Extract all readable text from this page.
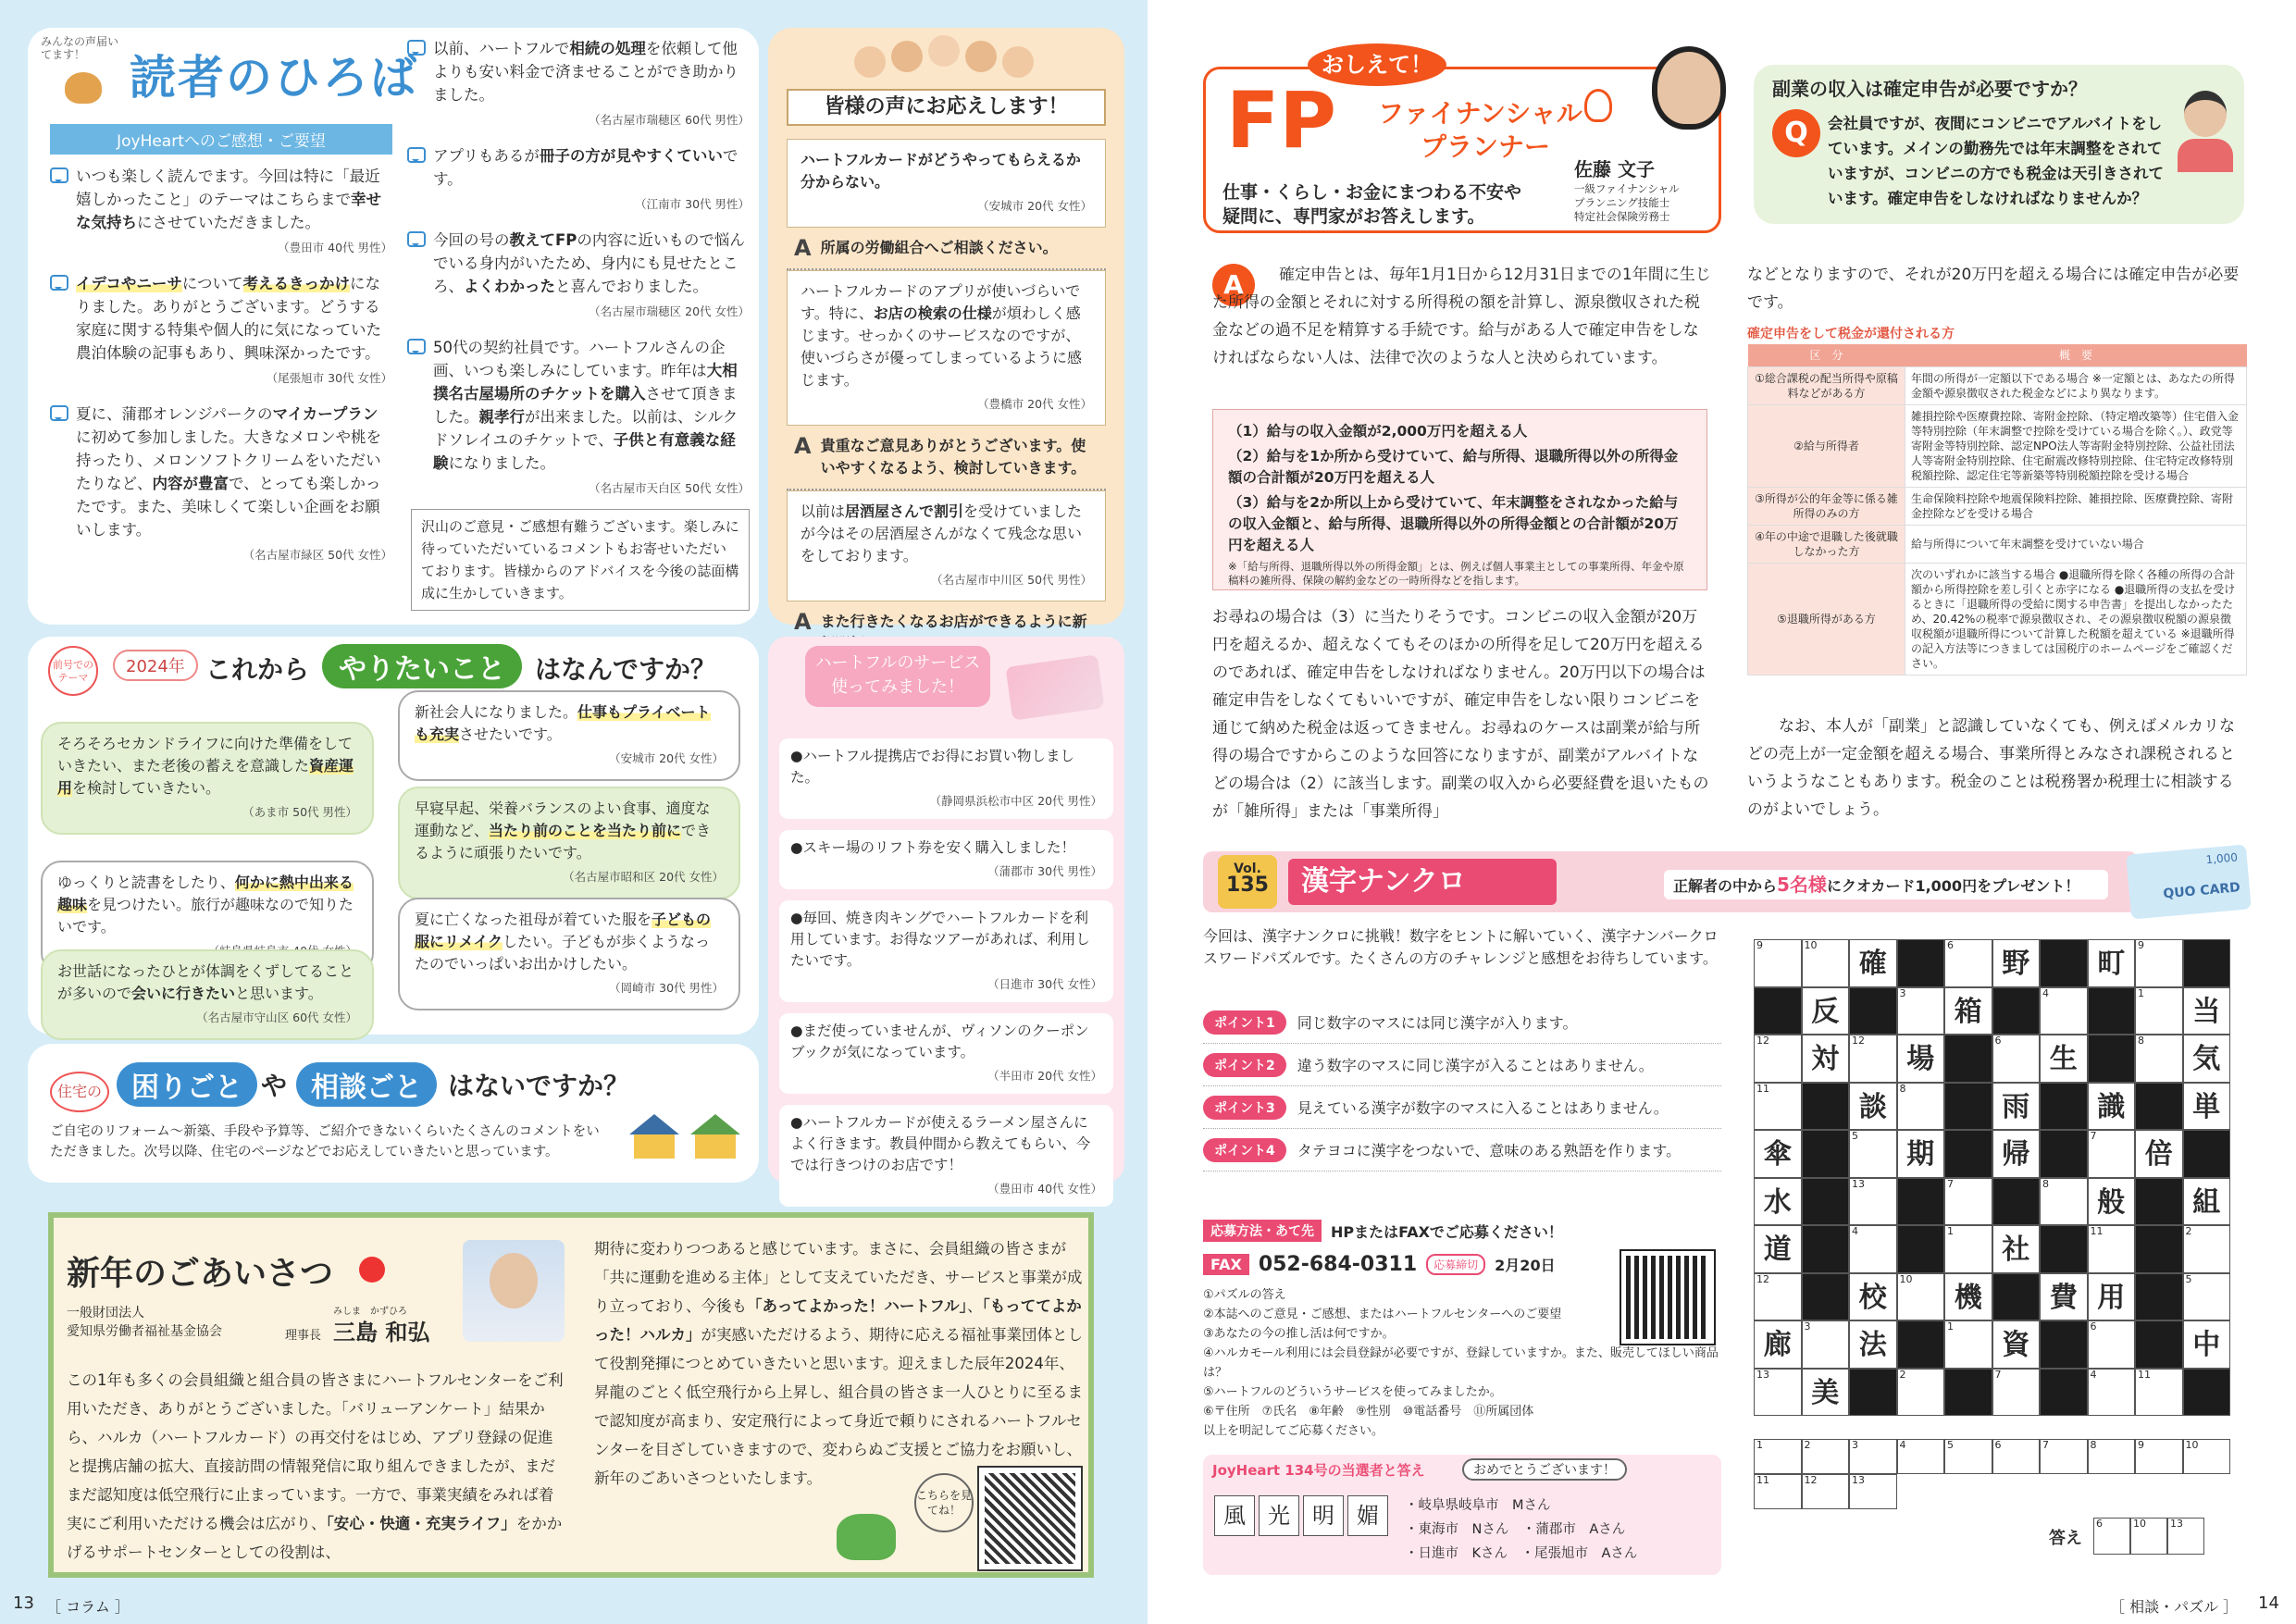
みんなの声届いてます！ 読者のひろば
JoyHeartへのご感想・ご要望
いつも楽しく読んでます。今回は特に「最近嬉しかったこと」のテーマはこちらまで幸せな気持ちにさせていただきました。
（豊田市 40代 男性）
イデコやニーサについて考えるきっかけになりました。ありがとうございます。どうする家庭に関する特集や個人的に気になっていた農泊体験の記事もあり、興味深かったです。
（尾張旭市 30代 女性）
夏に、蒲郡オレンジパークのマイカープランに初めて参加しました。大きなメロンや桃を持ったり、メロンソフトクリームをいただいたりなど、内容が豊富で、とっても楽しかったです。また、美味しくて楽しい企画をお願いします。
（名古屋市緑区 50代 女性）
以前、ハートフルで相続の処理を依頼して他よりも安い料金で済ませることができ助かりました。
（名古屋市瑞穂区 60代 男性）
アプリもあるが冊子の方が見やすくていいです。
（江南市 30代 男性）
今回の号の教えてFPの内容に近いもので悩んでいる身内がいたため、身内にも見せたところ、よくわかったと喜んでおりました。
（名古屋市瑞穂区 20代 女性）
50代の契約社員です。ハートフルさんの企画、いつも楽しみにしています。昨年は大相撲名古屋場所のチケットを購入させて頂きました。親孝行が出来ました。以前は、シルクドソレイユのチケットで、子供と有意義な経験になりました。
（名古屋市天白区 50代 女性）
沢山のご意見・ご感想有難うございます。楽しみに待っていただいているコメントもお寄せいただいております。皆様からのアドバイスを今後の誌面構成に生かしていきます。
皆様の声にお応えします！
ハートフルカードがどうやってもらえるか分からない。
（安城市 20代 女性）
A 所属の労働組合へご相談ください。
ハートフルカードのアプリが使いづらいです。特に、お店の検索の仕様が煩わしく感じます。せっかくのサービスなのですが、使いづらさが優ってしまっているように感じます。
（豊橋市 20代 女性）
A 貴重なご意見ありがとうございます。使いやすくなるよう、検討していきます。
以前は居酒屋さんで割引を受けていましたが今はその居酒屋さんがなくて残念な思いをしております。
（名古屋市中川区 50代 男性）
A また行きたくなるお店ができるように新
前号での
テーマ
2024年 これから	やりたいこと	はなんですか？
そろそろセカンドライフに向けた準備をしていきたい、また老後の蓄えを意識した資産運用を検討していきたい。
（あま市 50代 男性）
ゆっくりと読書をしたり、何かに熱中出来る趣味を見つけたい。旅行が趣味なので知りたいです。
お世話になったひとが体調をくずしてることが多いので会いに行きたいと思います。
（名古屋市守山区 60代 女性）
新社会人になりました。仕事もプライベートも充実させたいです。
（安城市 20代 女性）
早寝早起、栄養バランスのよい食事、適度な運動など、当たり前のことを当たり前にできるように頑張りたいです。
（名古屋市昭和区 20代 女性）
夏に亡くなった祖母が着ていた服を子どもの服にリメイクしたい。子どもが歩くようなったのでいっぱいお出かけしたい。
（岡崎市 30代 男性）
住宅の	困りごと や 相談ごと	はないですか？
ご自宅のリフォーム～新築、手段や予算等、ご紹介できないくらいたくさんのコメントをいただきました。次号以降、住宅のページなどでお応えしていきたいと思っています。
ハートフルのサービス
使ってみました！
●ハートフル提携店でお得にお買い物しました。
（静岡県浜松市中区 20代 男性）
●スキー場のリフト券を安く購入しました！
（蒲郡市 30代 男性）
●毎回、焼き肉キングでハートフルカードを利用しています。お得なツアーがあれば、利用したいです。
（日進市 30代 女性）
●まだ使っていませんが、ヴィソンのクーポンブックが気になっています。
（半田市 20代 女性）
●ハートフルカードが使えるラーメン屋さんによく行きます。教員仲間から教えてもらい、今では行きつけのお店です！
（豊田市 40代 女性）
新年のごあいさつ
一般財団法人
愛知県労働者福祉基金協会	理事長
みしま　かずひろ
三島 和弘
この1年も多くの会員組織と組合員の皆さまにハートフルセンターをご利用いただき、ありがとうございました。「バリューアンケート」結果から、ハルカ（ハートフルカード）の再交付をはじめ、アプリ登録の促進と提携店舗の拡大、直接訪問の情報発信に取り組んできましたが、まだまだ認知度は低空飛行に止まっています。一方で、事業実績をみれば着実にご利用いただける機会は広がり、「安心・快適・充実ライフ」をかかげるサポートセンターとしての役割は、
期待に変わりつつあると感じています。まさに、会員組織の皆さまが「共に運動を進める主体」として支えていただき、サービスと事業が成り立っており、今後も「あってよかった！ハートフル」、「もっててよかった！ハルカ」が実感いただけるよう、期待に応える福祉事業団体として役割発揮につとめていきたいと思います。迎えました辰年2024年、昇龍のごとく低空飛行から上昇し、組合員の皆さま一人ひとりに至るまで認知度が高まり、安定飛行によって身近で頼りにされるハートフルセンターを目ざしていきますので、変わらぬご支援とご協力をお願いし、新年のごあいさつといたします。
こちらを見てね！
13 ［ コラム ］
おしえて！
FP ファイナンシャル
プランナー
仕事・くらし・お金にまつわる不安や
疑問に、専門家がお答えします。
佐藤 文子
一級ファイナンシャル
プランニング技能士
特定社会保険労務士
副業の収入は確定申告が必要ですか？
Q	会社員ですが、夜間にコンビニでアルバイトをしています。メインの勤務先では年末調整をされていますが、コンビニの方でも税金は天引きされています。確定申告をしなければなりませんか？
A	確定申告とは、毎年1月1日から12月31日までの1年間に生じた所得の金額とそれに対する所得税の額を計算し、源泉徴収された税金などの過不足を精算する手続です。給与がある人で確定申告をしなければならない人は、法律で次のような人と決められています。
（1）給与の収入金額が2,000万円を超える人
（2）給与を1か所から受けていて、給与所得、退職所得以外の所得金額の合計額が20万円を超える人
（3）給与を2か所以上から受けていて、年末調整をされなかった給与の収入金額と、給与所得、退職所得以外の所得金額との合計額が20万円を超える人
※「給与所得、退職所得以外の所得金額」とは、例えば個人事業主としての事業所得、年金や原稿料の雑所得、保険の解約金などの一時所得などを指します。
お尋ねの場合は（3）に当たりそうです。コンビニの収入金額が20万円を超えるか、超えなくてもそのほかの所得を足して20万円を超えるのであれば、確定申告をしなければなりません。20万円以下の場合は確定申告をしなくてもいいですが、確定申告をしない限りコンビニを通じて納めた税金は返ってきません。お尋ねのケースは副業が給与所得の場合ですからこのような回答になりますが、副業がアルバイトなどの場合は（2）に該当します。副業の収入から必要経費を退いたものが「雑所得」または「事業所得」
などとなりますので、それが20万円を超える場合には確定申告が必要です。
確定申告をして税金が還付される方
区　分	概　要
①総合課税の配当所得や原稿料などがある方	年間の所得が一定額以下である場合 ※一定額とは、あなたの所得金額や源泉徴収された税金などにより異なります。
②給与所得者	雑損控除や医療費控除、寄附金控除、（特定増改築等）住宅借入金等特別控除（年末調整で控除を受けている場合を除く。）、政党等寄附金等特別控除、認定NPO法人等寄附金特別控除、公益社団法人等寄附金特別控除、住宅耐震改修特別控除、住宅特定改修特別税額控除、認定住宅等新築等特別税額控除を受ける場合
③所得が公的年金等に係る雑所得のみの方	生命保険料控除や地震保険料控除、雑損控除、医療費控除、寄附金控除などを受ける場合
④年の中途で退職した後就職しなかった方	給与所得について年末調整を受けていない場合
⑤退職所得がある方	次のいずれかに該当する場合 ●退職所得を除く各種の所得の合計額から所得控除を差し引くと赤字になる ●退職所得の支払を受けるときに「退職所得の受給に関する申告書」を提出しなかったため、20.42%の税率で源泉徴収され、その源泉徴収税額の源泉徴収税額が退職所得について計算した税額を超えている ※退職所得の記入方法等につきましては国税庁のホームページをご確認ください。
なお、本人が「副業」と認識していなくても、例えばメルカリなどの売上が一定金額を超える場合、事業所得とみなされ課税されるというようなこともあります。税金のことは税務署か税理士に相談するのがよいでしょう。
Vol.
135	漢字ナンクロ	正解者の中から5名様にクオカード1,000円をプレゼント！
1,000
QUO CARD
今回は、漢字ナンクロに挑戦！数字をヒントに解いていく、漢字ナンバークロスワードパズルです。たくさんの方のチャレンジと感想をお待ちしています。
ポイント1	同じ数字のマスには同じ漢字が入ります。
ポイント2	違う数字のマスに同じ漢字が入ることはありません。
ポイント3	見えている漢字が数字のマスに入ることはありません。
ポイント4	タテヨコに漢字をつないで、意味のある熟語を作ります。
応募方法・あて先	HPまたはFAXでご応募ください！
FAX 052-684-0311	応募締切	2月20日
①パズルの答え
②本誌へのご意見・ご感想、またはハートフルセンターへのご要望
③あなたの今の推し活は何ですか。
④ハルカモール利用には会員登録が必要ですが、登録していますか。また、販売してほしい商品は？
⑤ハートフルのどういうサービスを使ってみましたか。
⑥〒住所　⑦氏名　⑧年齢　⑨性別　⑩電話番号　⑪所属団体
以上を明記してご応募ください。
JoyHeart 134号の当選者と答え	おめでとうございます！
風	光	明	媚	・岐阜県岐阜市　Mさん
・東海市　Nさん　・蒲郡市　Aさん
・日進市　Kさん　・尾張旭市　Aさん
9	10
確
6
野	町
9
反
3
箱
4	1
当
12
対
12
場
6
生
8
気
11
談
8
雨	識	単
傘
5
期	帰
7
倍
水
13	7	8
般	組
道
4	1
社
11	2
12
校
10
機	費 用
5
廊
3
法
1
資
6
中
13
美
2	7	4	11
1	2	3	4	5	6	7	8	9	10
11	12	13
答え
6	10 13
［ 相談・パズル ］ 14
